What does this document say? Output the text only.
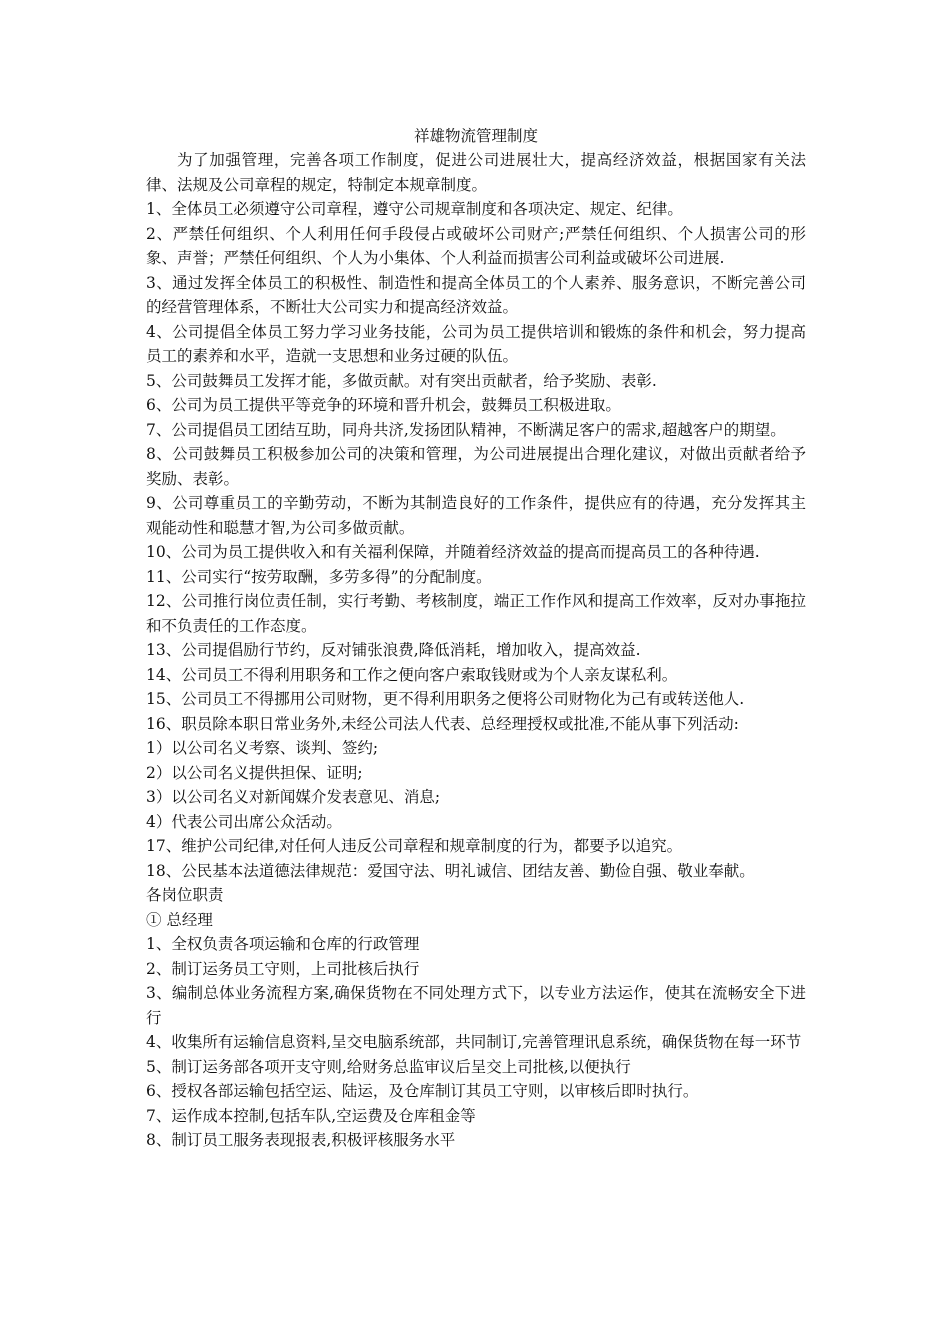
祥雄物流管理制度

为了加强管理，完善各项工作制度，促进公司进展壮大，提高经济效益，根据国家有关法律、法规及公司章程的规定，特制定本规章制度。

1、全体员工必须遵守公司章程，遵守公司规章制度和各项决定、规定、纪律。

2、严禁任何组织、个人利用任何手段侵占或破坏公司财产;严禁任何组织、个人损害公司的形象、声誉；严禁任何组织、个人为小集体、个人利益而损害公司利益或破坏公司进展.

3、通过发挥全体员工的积极性、制造性和提高全体员工的个人素养、服务意识，不断完善公司的经营管理体系，不断壮大公司实力和提高经济效益。

4、公司提倡全体员工努力学习业务技能，公司为员工提供培训和锻炼的条件和机会，努力提高员工的素养和水平，造就一支思想和业务过硬的队伍。

5、公司鼓舞员工发挥才能，多做贡献。对有突出贡献者，给予奖励、表彰.

6、公司为员工提供平等竞争的环境和晋升机会，鼓舞员工积极进取。

7、公司提倡员工团结互助，同舟共济,发扬团队精神，不断满足客户的需求,超越客户的期望。

8、公司鼓舞员工积极参加公司的决策和管理，为公司进展提出合理化建议，对做出贡献者给予奖励、表彰。

9、公司尊重员工的辛勤劳动，不断为其制造良好的工作条件，提供应有的待遇，充分发挥其主观能动性和聪慧才智,为公司多做贡献。

10、公司为员工提供收入和有关福利保障，并随着经济效益的提高而提高员工的各种待遇.

11、公司实行“按劳取酬，多劳多得”的分配制度。

12、公司推行岗位责任制，实行考勤、考核制度，端正工作作风和提高工作效率，反对办事拖拉和不负责任的工作态度。

13、公司提倡励行节约，反对铺张浪费,降低消耗，增加收入，提高效益.

14、公司员工不得利用职务和工作之便向客户索取钱财或为个人亲友谋私利。

15、公司员工不得挪用公司财物，更不得利用职务之便将公司财物化为己有或转送他人.

16、职员除本职日常业务外,未经公司法人代表、总经理授权或批准,不能从事下列活动:

1）以公司名义考察、谈判、签约;

2）以公司名义提供担保、证明;

3）以公司名义对新闻媒介发表意见、消息;

4）代表公司出席公众活动。

17、维护公司纪律,对任何人违反公司章程和规章制度的行为，都要予以追究。

18、公民基本法道德法律规范：爱国守法、明礼诚信、团结友善、勤俭自强、敬业奉献。

各岗位职责

① 总经理

1、全权负责各项运输和仓库的行政管理

2、制订运务员工守则，上司批核后执行

3、编制总体业务流程方案,确保货物在不同处理方式下，以专业方法运作，使其在流畅安全下进行

4、收集所有运输信息资料,呈交电脑系统部，共同制订,完善管理讯息系统，确保货物在每一环节

5、制订运务部各项开支守则,给财务总监审议后呈交上司批核,以便执行

6、授权各部运输包括空运、陆运，及仓库制订其员工守则，以审核后即时执行。

7、运作成本控制,包括车队,空运费及仓库租金等

8、制订员工服务表现报表,积极评核服务水平
